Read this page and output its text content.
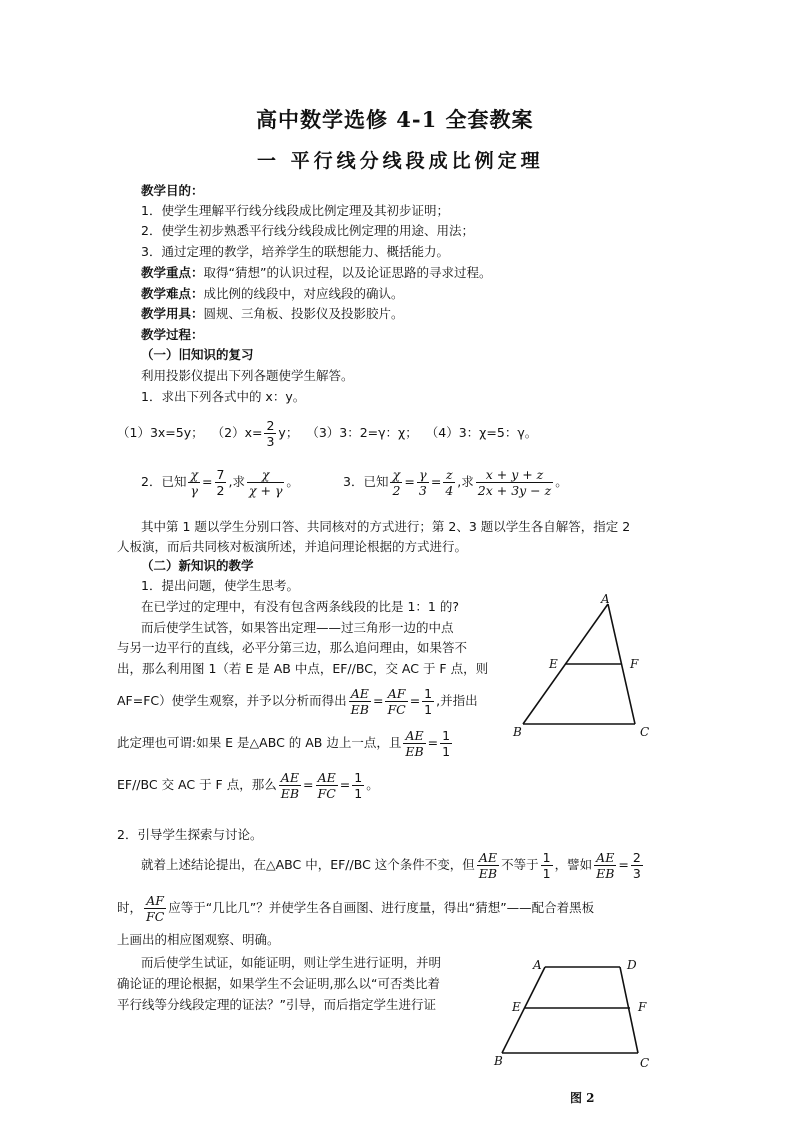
高中数学选修 4-1 全套教案
一 平行线分线段成比例定理
教学目的：
1．使学生理解平行线分线段成比例定理及其初步证明；
2．使学生初步熟悉平行线分线段成比例定理的用途、用法；
3．通过定理的教学，培养学生的联想能力、概括能力。
教学重点：取得“猜想”的认识过程，以及论证思路的寻求过程。
教学难点：成比例的线段中，对应线段的确认。
教学用具：圆规、三角板、投影仪及投影胶片。
教学过程：
（一）旧知识的复习
利用投影仪提出下列各题使学生解答。
1．求出下列各式中的 x：y。
（1）3x=5y； $(2)x= \frac{2}{3}$ y； （3）3：2=γ：χ； （4）3：χ=5：γ。
2．已知 $\frac{\chi}{\gamma} = \frac{7}{2}$ ,求 $\frac{\chi}{\chi + \gamma}$ 。	3．已知 $\frac{\chi}{2} = \frac{\gamma}{3} = \frac{z}{4}$ ,求 $\frac{x + y + z}{2x + 3y - z}$ 。
其中第 1 题以学生分别口答、共同核对的方式进行；第 2、3 题以学生各自解答，指定 2
人板演，而后共同核对板演所述，并追问理论根据的方式进行。
（二）新知识的教学
1．提出问题，使学生思考。
在已学过的定理中，有没有包含两条线段的比是 1：1 的?
而后使学生试答，如果答出定理——过三角形一边的中点
与另一边平行的直线，必平分第三边，那么追问理由，如果答不
出，那么利用图 1（若 E 是 AB 中点，EF//BC，交 AC 于 F 点，则
AF=FC）使学生观察，并予以分析而得出 $\frac{AE}{EB} = \frac{AF}{FC} = \frac{1}{1}$ ,并指出
此定理也可谓:如果 E 是△ABC 的 AB 边上一点，且 $\frac{AE}{EB} = \frac{1}{1}$
EF//BC 交 AC 于 F 点，那么 $\frac{AE}{EB} = \frac{AE}{FC} = \frac{1}{1}$ 。
A
E	F
B	C
2．引导学生探索与讨论。
就着上述结论提出，在△ABC 中，EF//BC 这个条件不变，但 $\frac{AE}{EB}$ 不等于 $\frac{1}{1}$ ，譬如 $\frac{AE}{EB} = \frac{2}{3}$
时， $\frac{AF}{FC}$ 应等于“几比几”？并使学生各自画图、进行度量，得出“猜想”——配合着黑板
上画出的相应图观察、明确。
而后使学生试证，如能证明，则让学生进行证明，并明
确论证的理论根据，如果学生不会证明,那么以“可否类比着
平行线等分线段定理的证法？”引导，而后指定学生进行证
A	D
E	F
B	C
图 2
